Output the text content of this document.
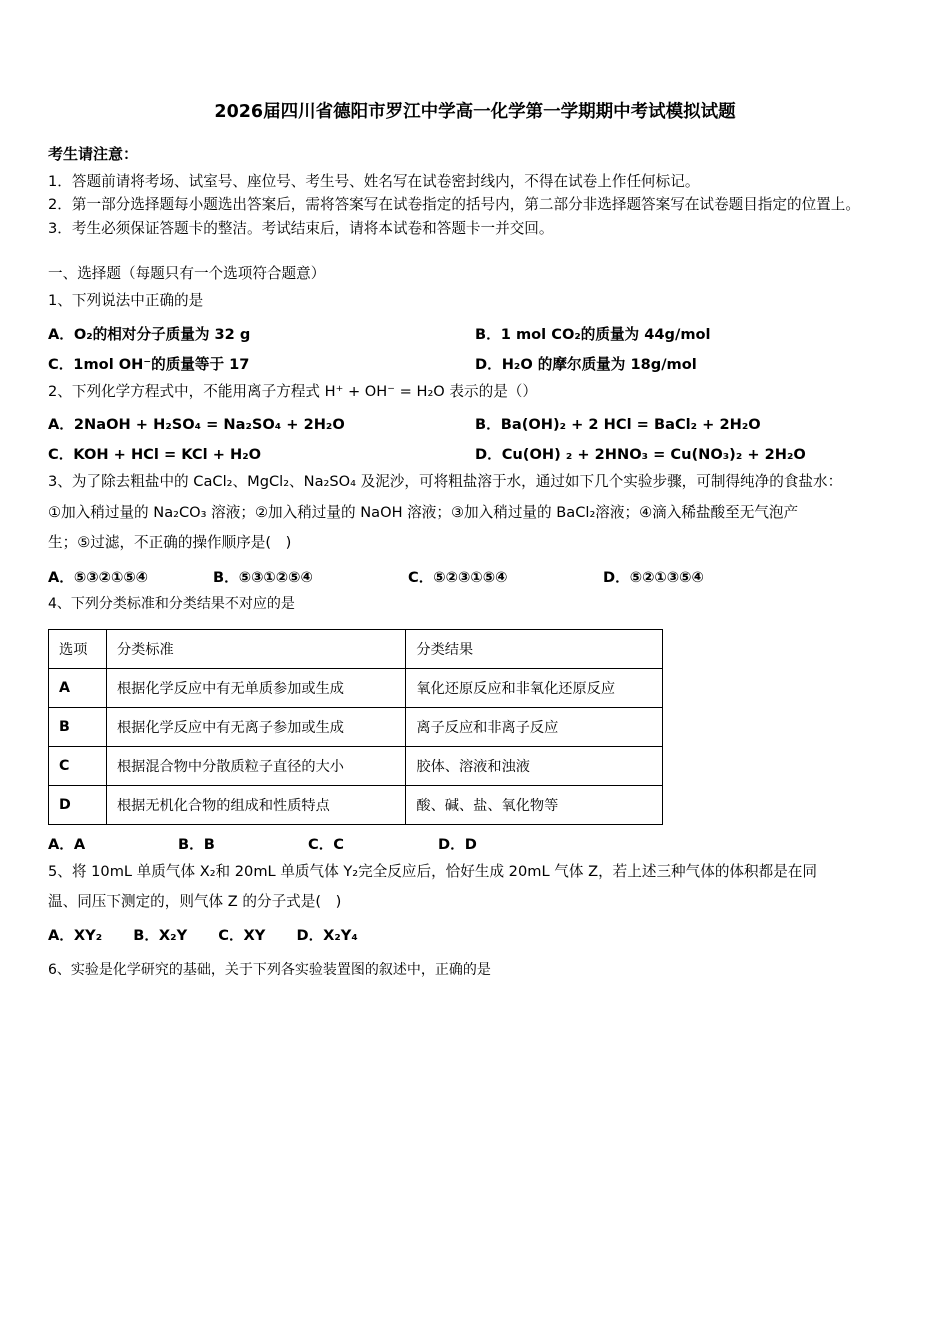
2026届四川省德阳市罗江中学高一化学第一学期期中考试模拟试题
考生请注意：

1．答题前请将考场、试室号、座位号、考生号、姓名写在试卷密封线内，不得在试卷上作任何标记。

2．第一部分选择题每小题选出答案后，需将答案写在试卷指定的括号内，第二部分非选择题答案写在试卷题目指定的位置上。

3．考生必须保证答题卡的整洁。考试结束后，请将本试卷和答题卡一并交回。

一、选择题（每题只有一个选项符合题意）
1、下列说法中正确的是
A．O₂的相对分子质量为 32 g	B．1 mol CO₂的质量为 44g/mol
C．1mol OH⁻的质量等于 17	D．H₂O 的摩尔质量为 18g/mol
2、下列化学方程式中，不能用离子方程式 H⁺ + OH⁻ = H₂O 表示的是（）
A．2NaOH + H₂SO₄ = Na₂SO₄ + 2H₂O	B．Ba(OH)₂ + 2 HCl = BaCl₂ + 2H₂O
C．KOH + HCl = KCl + H₂O	D．Cu(OH) ₂ + 2HNO₃ = Cu(NO₃)₂ + 2H₂O
3、为了除去粗盐中的 CaCl₂、MgCl₂、Na₂SO₄ 及泥沙，可将粗盐溶于水，通过如下几个实验步骤，可制得纯净的食盐水：
①加入稍过量的 Na₂CO₃ 溶液；②加入稍过量的 NaOH 溶液；③加入稍过量的 BaCl₂溶液；④滴入稀盐酸至无气泡产
生；⑤过滤，不正确的操作顺序是(　)
A．⑤③②①⑤④	B．⑤③①②⑤④	C．⑤②③①⑤④	D．⑤②①③⑤④
4、下列分类标准和分类结果不对应的是
选项	分类标准	分类结果
A	根据化学反应中有无单质参加或生成	氧化还原反应和非氧化还原反应
B	根据化学反应中有无离子参加或生成	离子反应和非离子反应
C	根据混合物中分散质粒子直径的大小	胶体、溶液和浊液
D	根据无机化合物的组成和性质特点	酸、碱、盐、氧化物等
A．A	B．B	C．C	D．D
5、将 10mL 单质气体 X₂和 20mL 单质气体 Y₂完全反应后，恰好生成 20mL 气体 Z，若上述三种气体的体积都是在同
温、同压下测定的，则气体 Z 的分子式是(　)
A．XY₂ B．X₂Y C．XY D．X₂Y₄
6、实验是化学研究的基础，关于下列各实验装置图的叙述中，正确的是
